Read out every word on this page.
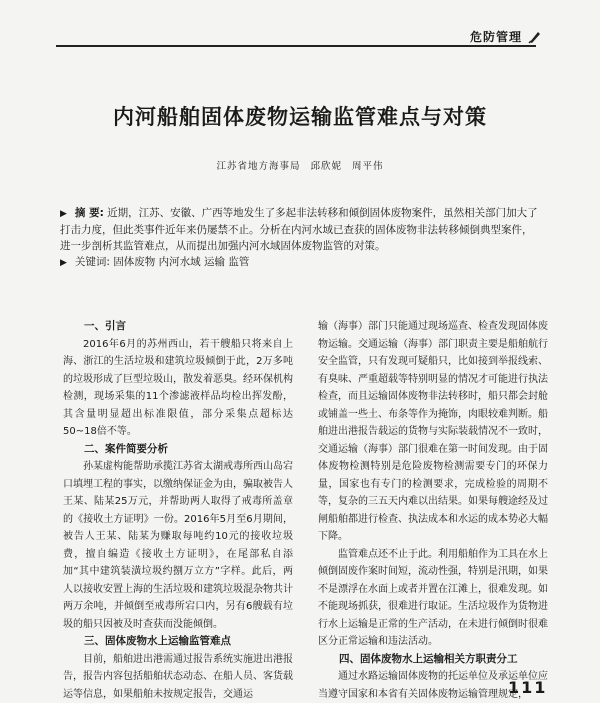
危防管理
内河船舶固体废物运输监管难点与对策
江苏省地方海事局 邱欣妮 周平伟
▶ 摘 要: 近期，江苏、安徽、广西等地发生了多起非法转移和倾倒固体废物案件，虽然相关部门加大了打击力度，但此类事件近年来仍屡禁不止。分析在内河水域已查获的固体废物非法转移倾倒典型案件，进一步剖析其监管难点，从而提出加强内河水域固体废物监管的对策。
▶ 关键词: 固体废物 内河水域 运输 监管

一、引言

2016年6月的苏州西山，若干艘船只将来自上海、浙江的生活垃圾和建筑垃圾倾倒于此，2万多吨的垃圾形成了巨型垃圾山，散发着恶臭。经环保机构检测，现场采集的11个渗滤液样品均检出挥发酚，其含量明显超出标准限值，部分采集点超标达50~18倍不等。

二、案件简要分析

孙某虚构能帮助承揽江苏省太湖戒毒所西山岛宕口填埋工程的事实，以缴纳保证金为由，骗取被告人王某、陆某25万元，并帮助两人取得了戒毒所盖章的《接收土方证明》一份。2016年5月至6月期间，被告人王某、陆某为赚取每吨约10元的接收垃圾费，擅自编造《接收土方证明》，在尾部私自添加“其中建筑装潢垃圾约捌万立方”字样。此后，两人以接收安置上海的生活垃圾和建筑垃圾混杂物共计两万余吨，并倾倒至戒毒所宕口内，另有6艘载有垃圾的船只因被及时查获而没能倾倒。

三、固体废物水上运输监管难点

目前，船舶进出港需通过报告系统实施进出港报告，报告内容包括船舶状态动态、在船人员、客货载运等信息，如果船舶未按规定报告，交通运

输（海事）部门只能通过现场巡查、检查发现固体废物运输。交通运输（海事）部门职责主要是船舶航行安全监管，只有发现可疑船只，比如接到举报线索、有臭味、严重超载等特别明显的情况才可能进行执法检查，而且运输固体废物非法转移时，船只都会封舱或铺盖一些土、布条等作为掩饰，肉眼较难判断。船舶进出港报告载运的货物与实际装载情况不一致时，交通运输（海事）部门很难在第一时间发现。由于固体废物检测特别是危险废物检测需要专门的环保力量，国家也有专门的检测要求，完成检验的周期不等，复杂的三五天内难以出结果。如果每艘途经及过闸船舶都进行检查、执法成本和水运的成本势必大幅下降。

监管难点还不止于此。利用船舶作为工具在水上倾倒固废作案时间短，流动性强，特别是汛期，如果不是漂浮在水面上或者并置在江滩上，很难发现。如不能现场抓获，很难进行取证。生活垃圾作为货物进行水上运输是正常的生产活动，在未进行倾倒时很难区分正常运输和违法活动。

四、固体废物水上运输相关方职责分工

通过水路运输固体废物的托运单位及承运单位应当遵守国家和本省有关固体废物运输管理规定，

111
